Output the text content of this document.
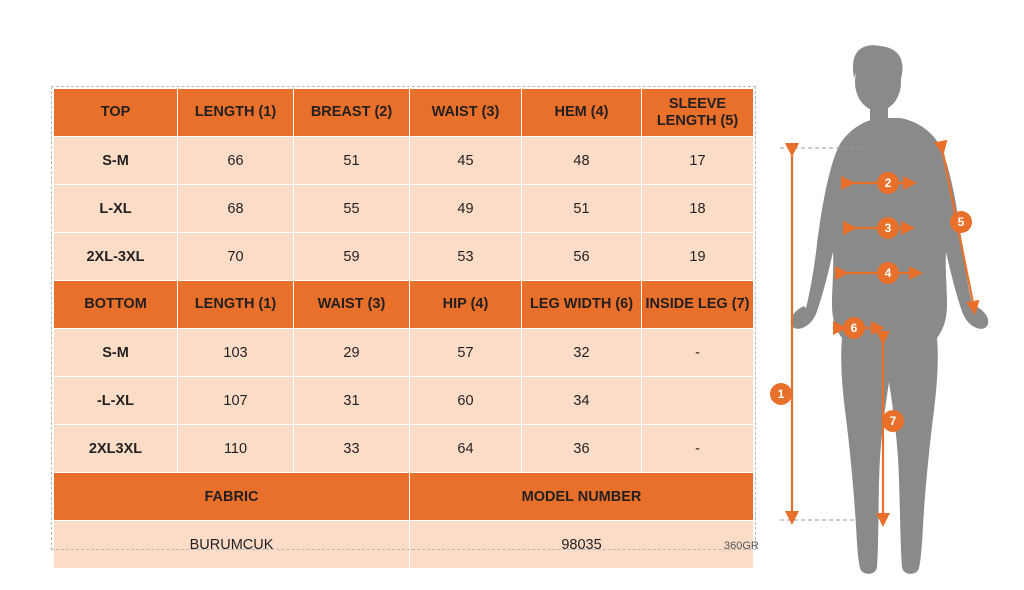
TOP	LENGTH (1)	BREAST (2)	WAIST (3)	HEM (4)	SLEEVE LENGTH (5)
S-M	66	51	45	48	17
L-XL	68	55	49	51	18
2XL-3XL	70	59	53	56	19
BOTTOM	LENGTH (1)	WAIST (3)	HIP (4)	LEG WIDTH (6)	INSIDE LEG (7)
S-M	103	29	57	32	-
-L-XL	107	31	60	34	
2XL3XL	110	33	64	36	-
FABRIC			MODEL NUMBER		
BURUMCUK			98035			360GR
1
2
3
4
5
6
7
